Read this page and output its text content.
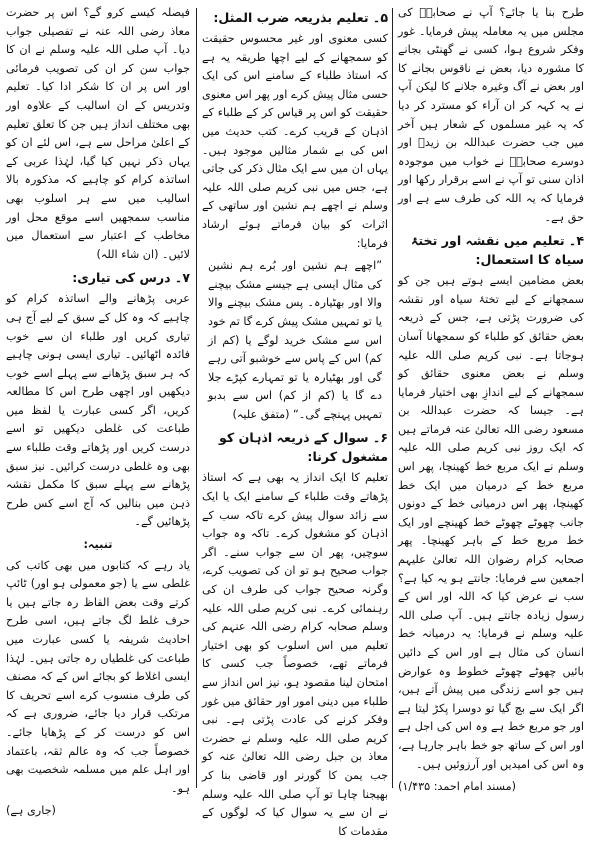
طرح بنا یا جائے؟ آپ نے صحابہؓ کی مجلس میں یہ معاملہ پیش فرمایا۔ غور وفکر شروع ہوا، کسی نے گھنٹی بجانے کا مشورہ دیا، بعض نے ناقوس بجانے کا اور بعض نے آگ وغیرہ جلانے کا لیکن آپ نے یہ کہہ کر ان آراء کو مسترد کر دیا کہ یہ غیر مسلموں کے شعار ہیں آخر میں جب حضرت عبداللہ بن زیدؓ اور دوسرے صحابہؓ نے خواب میں موجودہ اذان سنی تو آپ نے اسے برقرار رکھا اور فرمایا کہ یہ اللہ کی طرف سے ہے اور حق ہے۔

۴۔ تعلیم میں نقشہ اور تختۂ سیاہ کا استعمال:

بعض مضامین ایسے ہوتے ہیں جن کو سمجھانے کے لیے تختۂ سیاہ اور نقشہ کی ضرورت پڑتی ہے، جس کے ذریعہ بعض حقائق کو طلباء کو سمجھانا آسان ہوجاتا ہے۔ نبی کریم صلی اللہ علیہ وسلم نے بعض معنوی حقائق کو سمجھانے کے لیے اندازِ بھی اختیار فرمایا ہے۔ جیسا کہ حضرت عبداللہ بن مسعود رضی اللہ تعالیٰ عنہ فرماتے ہیں کہ ایک روز نبی کریم صلی اللہ علیہ وسلم نے ایک مربع خط کھینچا، پھر اس مربع خط کے درمیان میں ایک خط کھینچا، پھر اس درمیانی خط کے دونوں جانب چھوٹے چھوٹے خط کھینچے اور ایک خط مربع خط کے باہر کھینچا۔ پھر صحابہ کرام رضوان اللہ تعالیٰ علیہم اجمعین سے فرمایا: جانتے ہو یہ کیا ہے؟ سب نے عرض کیا کہ اللہ اور اس کے رسول زیادہ جانتے ہیں۔ آپ صلی اللہ علیہ وسلم نے فرمایا: یہ درمیانہ خط انسان کی مثال ہے اور اس کے دائیں بائیں چھوٹے چھوٹے خطوط وہ عوارض ہیں جو اسے زندگی میں پیش آتے ہیں، اگر ایک سے بچ گیا تو دوسرا پکڑ لیتا ہے اور جو مربع خط ہے وہ اس کی اجل ہے اور اس کے ساتھ جو خط باہر جارہا ہے، وہ اس کی امیدیں اور آرزوئیں ہیں۔

(مسند امام احمد: ۱/۴۳۵)

۵۔ تعلیم بذریعہ ضرب المثل:

کسی معنوی اور غیر محسوس حقیقت کو سمجھانے کے لیے اچھا طریقہ یہ ہے کہ استاذ طلباء کے سامنے اس کی ایک حسی مثال پیش کرے اور پھر اس معنوی حقیقت کو اس پر قیاس کر کے طلباء کے اذہان کے قریب کرے۔ کتب حدیث میں اس کی بے شمار مثالیں موجود ہیں۔ یہاں ان میں سے ایک مثال ذکر کی جاتی ہے، جس میں نبی کریم صلی اللہ علیہ وسلم نے اچھے ہم نشین اور ساتھی کے اثرات کو بیان فرماتے ہوئے ارشاد فرمایا:

”اچھے ہم نشین اور بُرے ہم نشین کی مثال ایسی ہے جیسے مشک بیچنے والا اور بھٹیارہ۔ پس مشک بیچنے والا یا تو تمہیں مشک پیش کرے گا تم خود اس سے مشک خرید لوگے یا (کم از کم) اس کے پاس سے خوشبو آتی رہے گی اور بھٹیارہ یا تو تمہارے کپڑے جلا دے گا یا (کم از کم) اس سے بدبو تمہیں پہنچے گی۔“ (متفق علیہ)

۶۔ سوال کے ذریعہ اذہان کو مشغول کرنا:

تعلیم کا ایک انداز یہ بھی ہے کہ استاذ پڑھاتے وقت طلباء کے سامنے ایک یا ایک سے زائد سوال پیش کرے تاکہ سب کے اذہان کو مشغول کرے۔ تاکہ وہ جواب سوچیں، پھر ان سے جواب سنے۔ اگر جواب صحیح ہو تو ان کی تصویب کرے، وگرنہ صحیح جواب کی طرف ان کی رہنمائی کرے۔ نبی کریم صلی اللہ علیہ وسلم صحابہ کرام رضی اللہ عنہم کی تعلیم میں اس اسلوب کو بھی اختیار فرماتے تھے، خصوصاً جب کسی کا امتحان لینا مقصود ہو، نیز اس انداز سے طلباء میں دینی امور اور حقائق میں غور وفکر کرنے کی عادت پڑتی ہے۔ نبی کریم صلی اللہ علیہ وسلم نے حضرت معاذ بن جبل رضی اللہ تعالیٰ عنہ کو جب یمن کا گورنر اور قاضی بنا کر بھیجنا چاہا تو آپ صلی اللہ علیہ وسلم نے ان سے یہ سوال کیا کہ لوگوں کے مقدمات کا

فیصلہ کیسے کرو گے؟ اس پر حضرت معاذ رضی اللہ عنہ نے تفصیلی جواب دیا۔ آپ صلی اللہ علیہ وسلم نے ان کا جواب سن کر ان کی تصویب فرمائی اور اس پر ان کا شکر ادا کیا۔ تعلیم وتدریس کے ان اسالیب کے علاوہ اور بھی مختلف انداز ہیں جن کا تعلق تعلیم کے اعلیٰ مراحل سے ہے، اس لئے ان کو یہاں ذکر نہیں کیا گیا، لہٰذا عربی کے اساتذہ کرام کو چاہیے کہ مذکورہ بالا اسالیب میں سے ہر اسلوب بھی مناسب سمجھیں اسے موقع محل اور مخاطب کے اعتبار سے استعمال میں لائیں۔ (ان شاء اللہ)

۷۔ درس کی تیاری:

عربی پڑھانے والے اساتذہ کرام کو چاہیے کہ وہ کل کے سبق کے لیے آج ہی تیاری کریں اور طلباء ان سے خوب فائدہ اٹھائیں۔ تیاری ایسی ہونی چاہیے کہ ہر سبق پڑھانے سے پہلے اسے خوب دیکھیں اور اچھی طرح اس کا مطالعہ کریں، اگر کسی عبارت یا لفظ میں طباعت کی غلطی دیکھیں تو اسے درست کریں اور پڑھاتے وقت طلباء سے بھی وہ غلطی درست کرائیں۔ نیز سبق پڑھانے سے پہلے سبق کا مکمل نقشہ ذہن میں بنالیں کہ آج اسے کس طرح پڑھائیں گے۔

تنبیہ:

یاد رہے کہ کتابوں میں بھی کاتب کی غلطی سے یا (جو معمولی ہو اور) ٹائپ کرتے وقت بعض الفاظ رہ جاتے ہیں یا حرف غلط لگ جاتے ہیں، اسی طرح احادیث شریفہ یا کسی عبارت میں طباعت کی غلطیاں رہ جاتی ہیں۔ لہٰذا ایسی اغلاط کو بجائے اس کے کہ مصنف کی طرف منسوب کرے اسے تحریف کا مرتکب قرار دیا جائے، ضروری ہے کہ اس کو درست کر کے پڑھایا جائے۔ خصوصاً جب کہ وہ عالم ثقہ، باعتماد اور اہل علم میں مسلمہ شخصیت بھی ہو۔

(جاری ہے)
